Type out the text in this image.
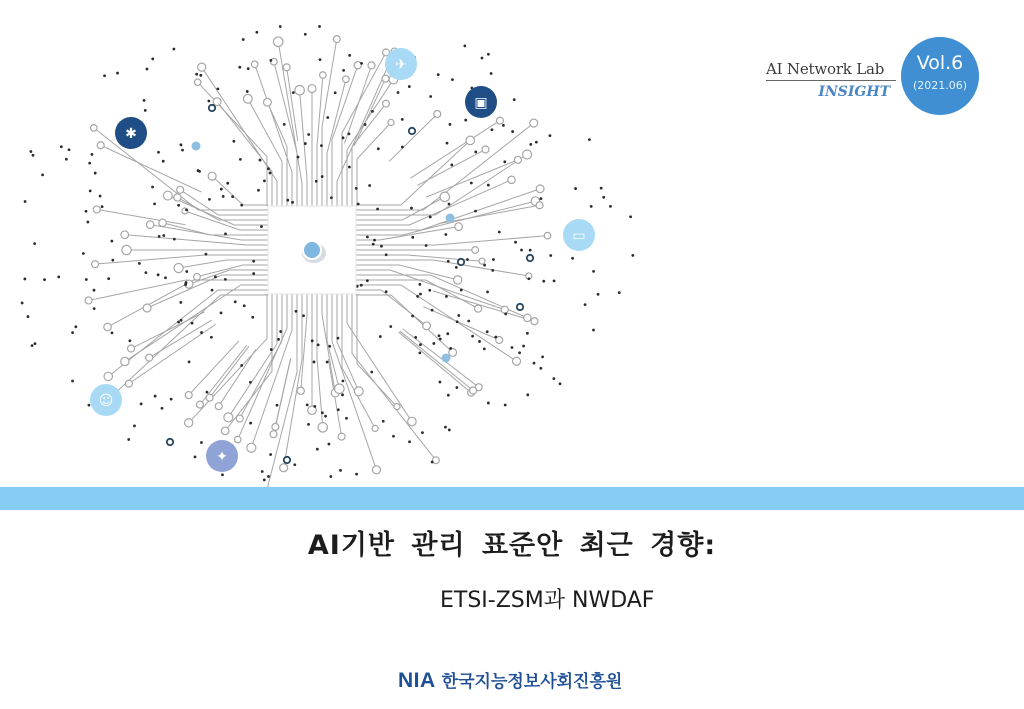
✈
▣
✱
▭
☺
✦
AI Network Lab
INSIGHT
Vol.6
(2021.06)
AI기반 관리 표준안 최근 경향:
ETSI-ZSM과 NWDAF
NIA 한국지능정보사회진흥원
